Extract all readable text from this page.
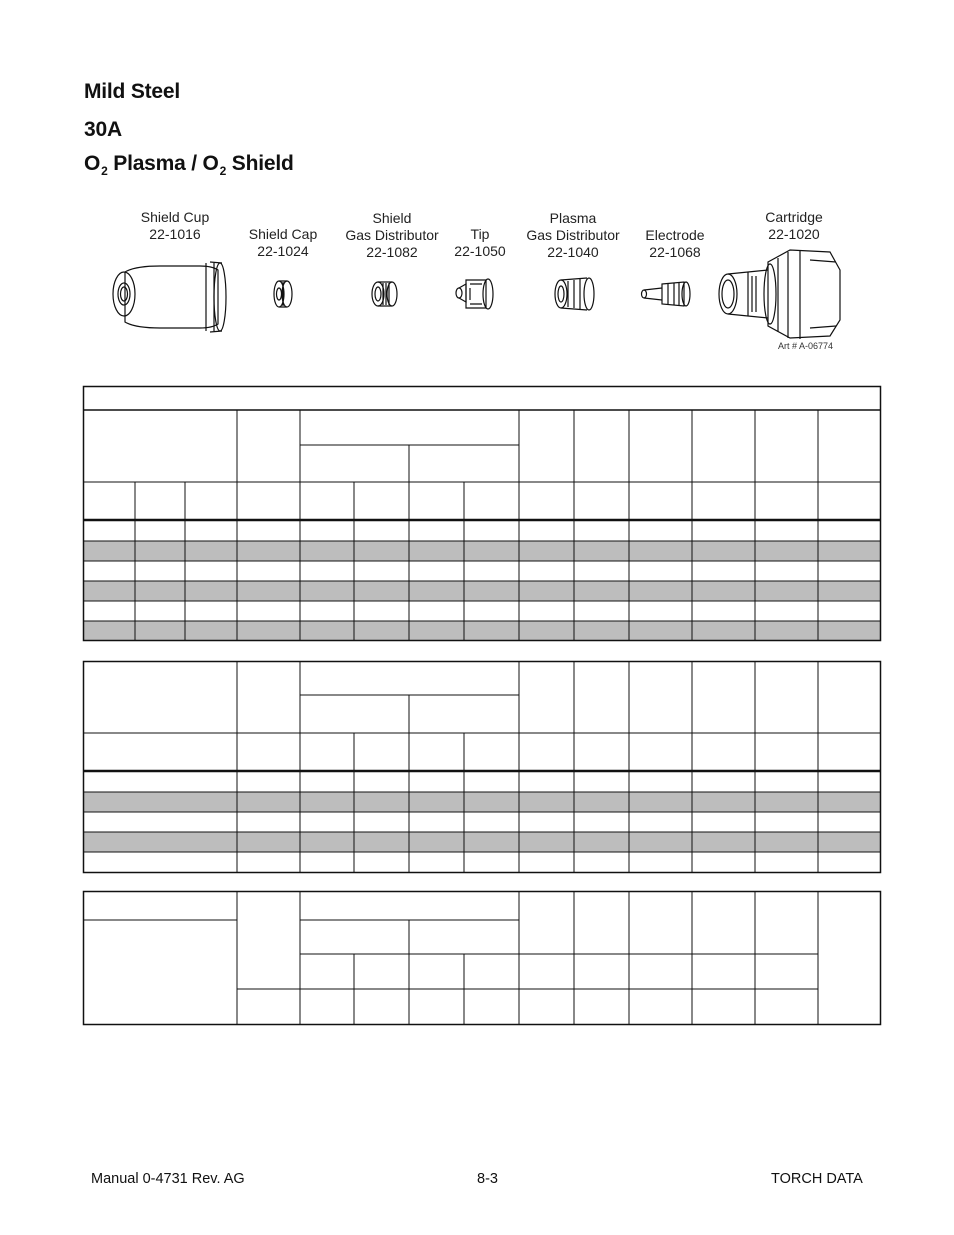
Mild Steel

30A

$O_2$ Plasma / $O_2$ Shield

Shield Cup
22-1016	Shield Cap
22-1024
Shield
Gas Distributor
22-1082
Tip
22-1050
Plasma
Gas Distributor
22-1040
Electrode
22-1068
Cartridge
22-1020
Art # A-06774
Manual 0-4731 Rev. AG	8-3	TORCH DATA
